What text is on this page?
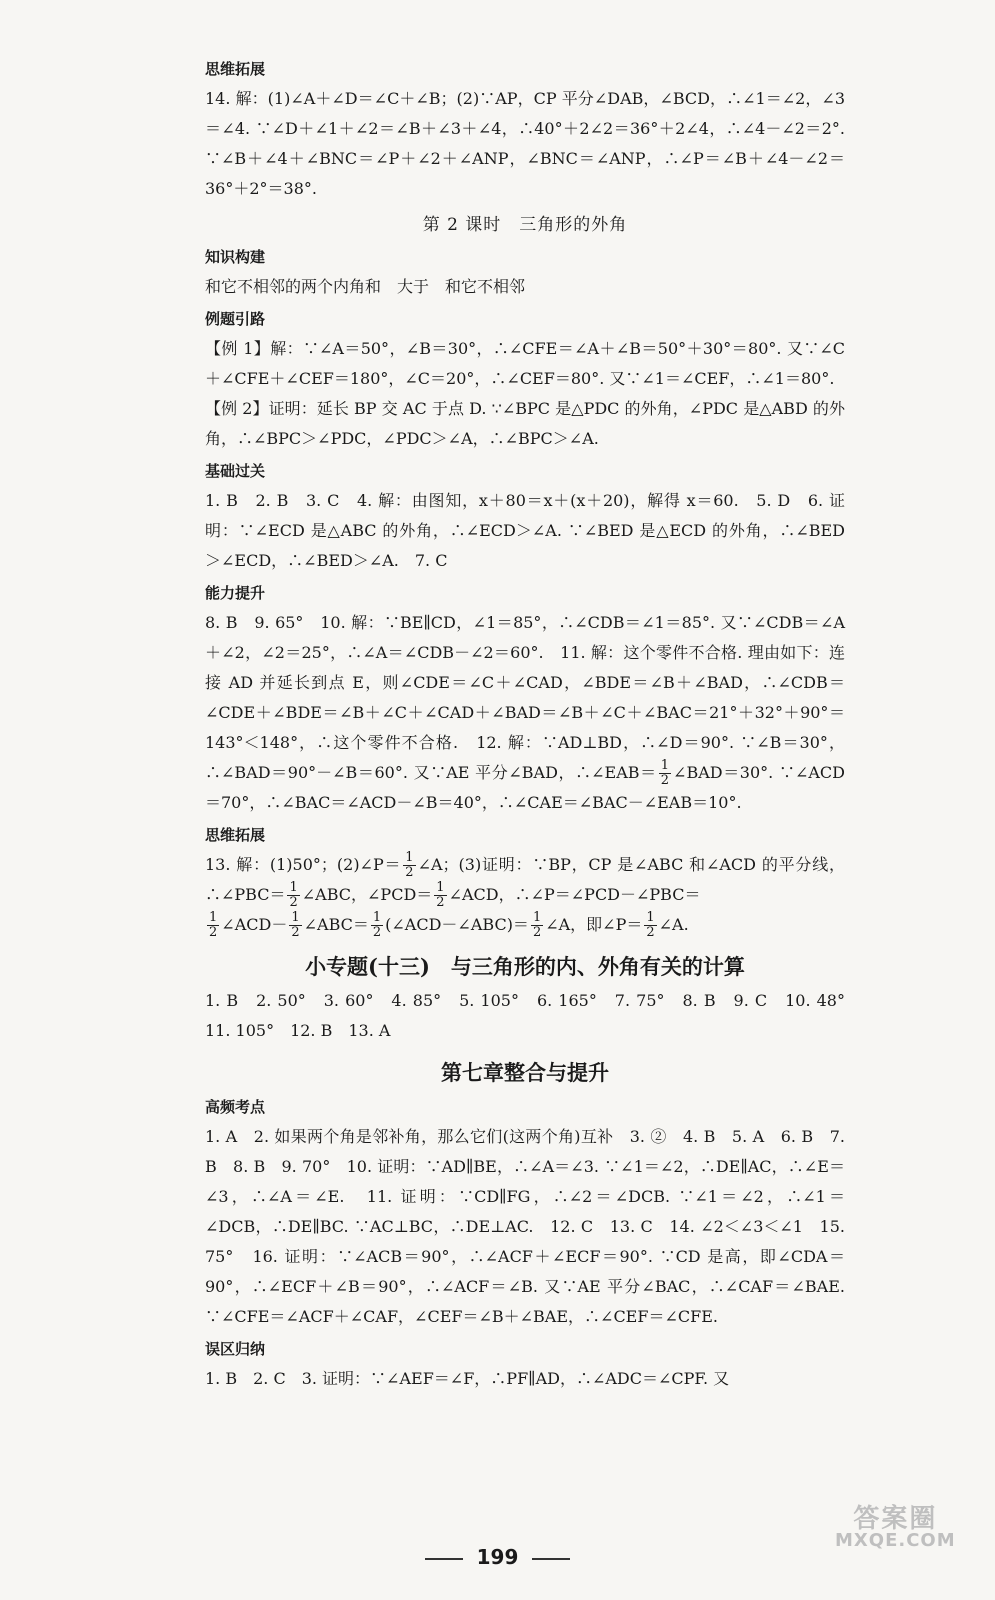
思维拓展

14. 解：(1)∠A＋∠D＝∠C＋∠B；(2)∵AP，CP 平分∠DAB，∠BCD，∴∠1＝∠2，∠3＝∠4. ∵∠D＋∠1＋∠2＝∠B＋∠3＋∠4，∴40°＋2∠2＝36°＋2∠4，∴∠4－∠2＝2°. ∵∠B＋∠4＋∠BNC＝∠P＋∠2＋∠ANP，∠BNC＝∠ANP，∴∠P＝∠B＋∠4－∠2＝36°＋2°＝38°.

第 2 课时　三角形的外角
知识构建

和它不相邻的两个内角和　大于　和它不相邻

例题引路

【例 1】解：∵∠A＝50°，∠B＝30°，∴∠CFE＝∠A＋∠B＝50°＋30°＝80°. 又∵∠C＋∠CFE＋∠CEF＝180°，∠C＝20°，∴∠CEF＝80°. 又∵∠1＝∠CEF，∴∠1＝80°.

【例 2】证明：延长 BP 交 AC 于点 D. ∵∠BPC 是△PDC 的外角，∠PDC 是△ABD 的外角，∴∠BPC＞∠PDC，∠PDC＞∠A，∴∠BPC＞∠A.

基础过关

1. B　2. B　3. C　4. 解：由图知，x＋80＝x＋(x＋20)，解得 x＝60.　5. D　6. 证明：∵∠ECD 是△ABC 的外角，∴∠ECD＞∠A. ∵∠BED 是△ECD 的外角，∴∠BED＞∠ECD，∴∠BED＞∠A.　7. C

能力提升

8. B　9. 65°　10. 解：∵BE∥CD，∠1＝85°，∴∠CDB＝∠1＝85°. 又∵∠CDB＝∠A＋∠2，∠2＝25°，∴∠A＝∠CDB－∠2＝60°.　11. 解：这个零件不合格. 理由如下：连接 AD 并延长到点 E，则∠CDE＝∠C＋∠CAD，∠BDE＝∠B＋∠BAD，∴∠CDB＝∠CDE＋∠BDE＝∠B＋∠C＋∠CAD＋∠BAD＝∠B＋∠C＋∠BAC＝21°＋32°＋90°＝143°＜148°，∴这个零件不合格.　12. 解：∵AD⊥BD，∴∠D＝90°. ∵∠B＝30°，∴∠BAD＝90°－∠B＝60°. 又∵AE 平分∠BAD，∴∠EAB＝ $\frac{1}{2}$ ∠BAD＝30°. ∵∠ACD＝70°，∴∠BAC＝∠ACD－∠B＝40°，∴∠CAE＝∠BAC－∠EAB＝10°.

思维拓展

13. 解：(1)50°；(2)∠P＝ $\frac{1}{2}$ ∠A；(3)证明：∵BP，CP 是∠ABC 和∠ACD 的平分线，∴∠PBC＝ $\frac{1}{2}$ ∠ABC，∠PCD＝ $\frac{1}{2}$ ∠ACD，∴∠P＝∠PCD－∠PBC＝

$\frac{1}{2}$ ∠ACD－ $\frac{1}{2}$ ∠ABC＝ $\frac{1}{2}$ (∠ACD－∠ABC)＝ $\frac{1}{2}$ ∠A，即∠P＝ $\frac{1}{2}$ ∠A.

小专题(十三)　与三角形的内、外角有关的计算

1. B　2. 50°　3. 60°　4. 85°　5. 105°　6. 165°　7. 75°　8. B　9. C　10. 48°　11. 105°　12. B　13. A

第七章整合与提升
高频考点

1. A　2. 如果两个角是邻补角，那么它们(这两个角)互补　3. ②　4. B　5. A　6. B　7. B　8. B　9. 70°　10. 证明：∵AD∥BE，∴∠A＝∠3. ∵∠1＝∠2，∴DE∥AC，∴∠E＝∠3，∴∠A＝∠E.　11. 证明：∵CD∥FG，∴∠2＝∠DCB. ∵∠1＝∠2，∴∠1＝∠DCB，∴DE∥BC. ∵AC⊥BC，∴DE⊥AC.　12. C　13. C　14. ∠2＜∠3＜∠1　15. 75°　16. 证明：∵∠ACB＝90°，∴∠ACF＋∠ECF＝90°. ∵CD 是高，即∠CDA＝90°，∴∠ECF＋∠B＝90°，∴∠ACF＝∠B. 又∵AE 平分∠BAC，∴∠CAF＝∠BAE. ∵∠CFE＝∠ACF＋∠CAF，∠CEF＝∠B＋∠BAE，∴∠CEF＝∠CFE.

误区归纳

1. B　2. C　3. 证明：∵∠AEF＝∠F，∴PF∥AD，∴∠ADC＝∠CPF. 又

199
答案圈
MXQE.COM
